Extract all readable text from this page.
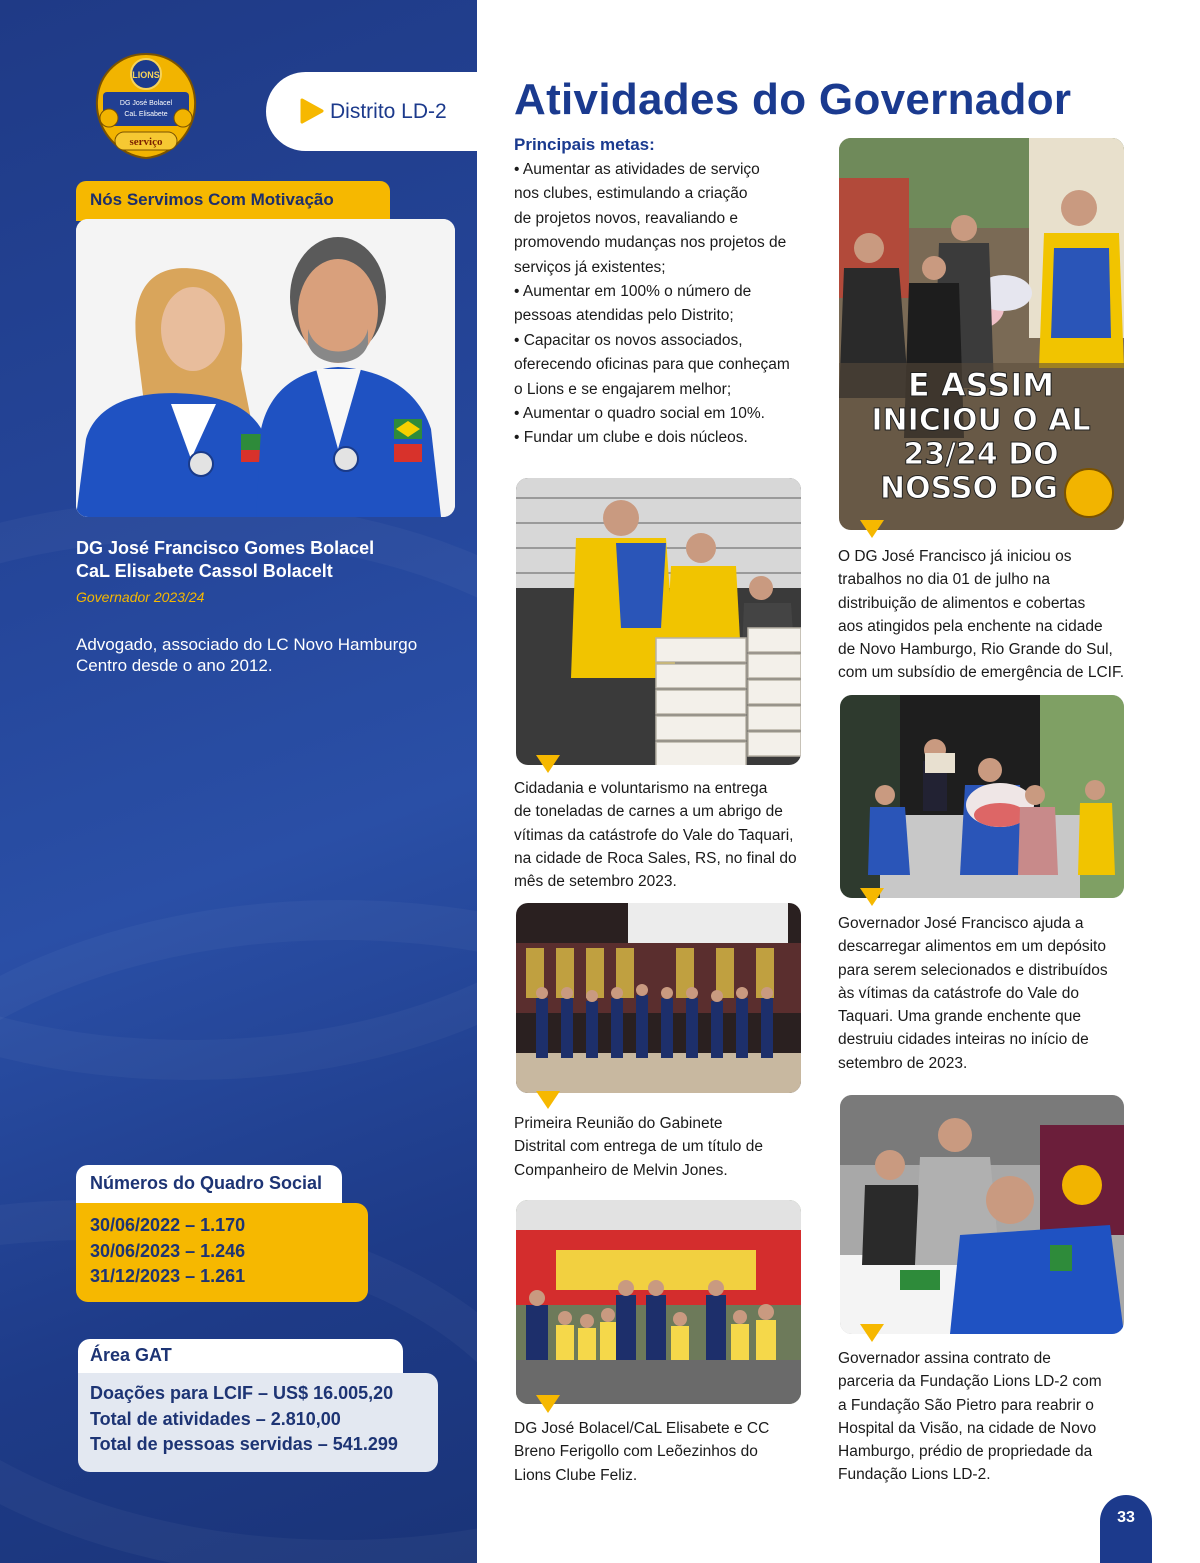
LIONS
DG José Bolacel
CaL Elisabete
serviço
Nós Servimos Com Motivação
DG José Francisco Gomes Bolacel
CaL Elisabete Cassol Bolacelt
Governador 2023/24
Advogado, associado do LC Novo Hamburgo Centro desde o ano 2012.
Números do Quadro Social
30/06/2022 – 1.170
30/06/2023 – 1.246
31/12/2023 – 1.261
Área GAT
Doações para LCIF – US$ 16.005,20
Total de atividades – 2.810,00
Total de pessoas servidas – 541.299
Distrito LD-2 Atividades do Governador
Principais metas:
• Aumentar as atividades de serviço
nos clubes, estimulando a criação
de projetos novos, reavaliando e
promovendo mudanças nos projetos de
serviços já existentes;
• Aumentar em 100% o número de
pessoas atendidas pelo Distrito;
• Capacitar os novos associados,
oferecendo oficinas para que conheçam
o Lions e se engajarem melhor;
• Aumentar o quadro social em 10%.
• Fundar um clube e dois núcleos.
E ASSIM
INICIOU O AL
23/24 DO
NOSSO DG
O DG José Francisco já iniciou os
trabalhos no dia 01 de julho na
distribuição de alimentos e cobertas
aos atingidos pela enchente na cidade
de Novo Hamburgo, Rio Grande do Sul,
com um subsídio de emergência de LCIF.
Cidadania e voluntarismo na entrega
de toneladas de carnes a um abrigo de
vítimas da catástrofe do Vale do Taquari,
na cidade de Roca Sales, RS, no final do
mês de setembro 2023.
Governador José Francisco ajuda a
descarregar alimentos em um depósito
para serem selecionados e distribuídos
às vítimas da catástrofe do Vale do
Taquari. Uma grande enchente que
destruiu cidades inteiras no início de
setembro de 2023.
Primeira Reunião do Gabinete
Distrital com entrega de um título de
Companheiro de Melvin Jones.
Governador assina contrato de
parceria da Fundação Lions LD-2 com
a Fundação São Pietro para reabrir o
Hospital da Visão, na cidade de Novo
Hamburgo, prédio de propriedade da
Fundação Lions LD-2.
DG José Bolacel/CaL Elisabete e CC
Breno Ferigollo com Leõezinhos do
Lions Clube Feliz.
33
